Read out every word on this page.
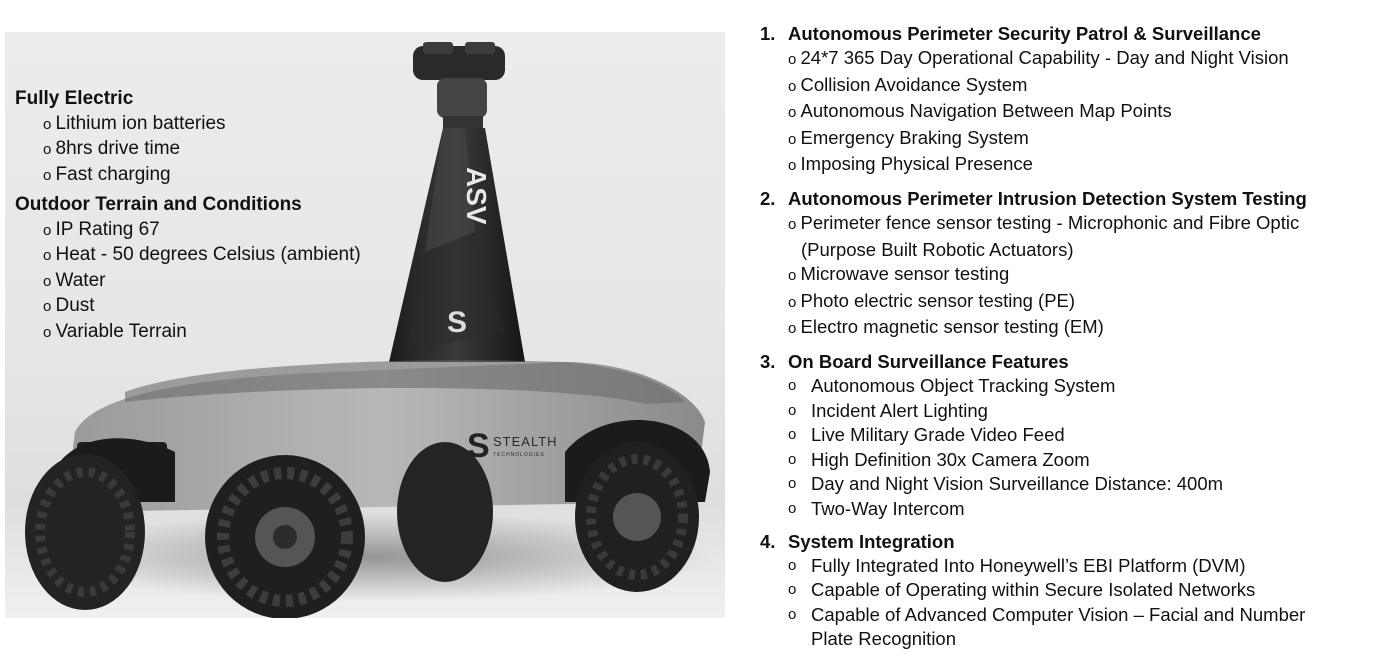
ASV
S
S STEALTH
TECHNOLOGIES
Fully Electric
o Lithium ion batteries
o 8hrs drive time
o Fast charging
Outdoor Terrain and Conditions
o IP Rating 67
o Heat - 50 degrees Celsius (ambient)
o Water
o Dust
o Variable Terrain
1. Autonomous Perimeter Security Patrol & Surveillance
o 24*7 365 Day Operational Capability - Day and Night Vision
o Collision Avoidance System
o Autonomous Navigation Between Map Points
o Emergency Braking System
o Imposing Physical Presence
2. Autonomous Perimeter Intrusion Detection System Testing
o Perimeter fence sensor testing - Microphonic and Fibre Optic
(Purpose Built Robotic Actuators)
o Microwave sensor testing
o Photo electric sensor testing (PE)
o Electro magnetic sensor testing (EM)
3. On Board Surveillance Features
o Autonomous Object Tracking System
o Incident Alert Lighting
o Live Military Grade Video Feed
o High Definition 30x Camera Zoom
o Day and Night Vision Surveillance Distance: 400m
o Two-Way Intercom
4. System Integration
o Fully Integrated Into Honeywell’s EBI Platform (DVM)
o Capable of Operating within Secure Isolated Networks
o Capable of Advanced Computer Vision – Facial and Number
Plate Recognition
